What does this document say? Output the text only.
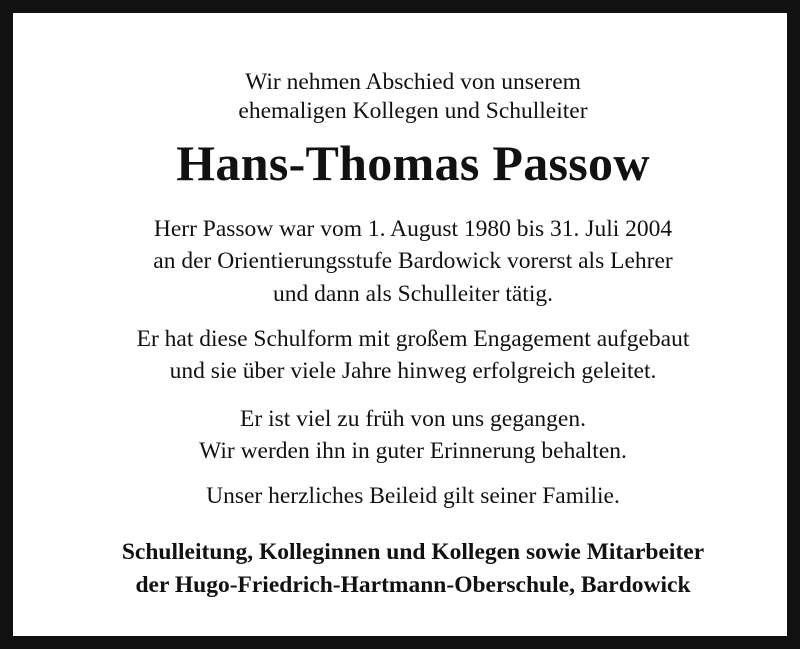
Wir nehmen Abschied von unserem
ehemaligen Kollegen und Schulleiter
Hans-Thomas Passow
Herr Passow war vom 1. August 1980 bis 31. Juli 2004
an der Orientierungsstufe Bardowick vorerst als Lehrer
und dann als Schulleiter tätig.
Er hat diese Schulform mit großem Engagement aufgebaut
und sie über viele Jahre hinweg erfolgreich geleitet.
Er ist viel zu früh von uns gegangen.
Wir werden ihn in guter Erinnerung behalten.
Unser herzliches Beileid gilt seiner Familie.
Schulleitung, Kolleginnen und Kollegen sowie Mitarbeiter
der Hugo-Friedrich-Hartmann-Oberschule, Bardowick
